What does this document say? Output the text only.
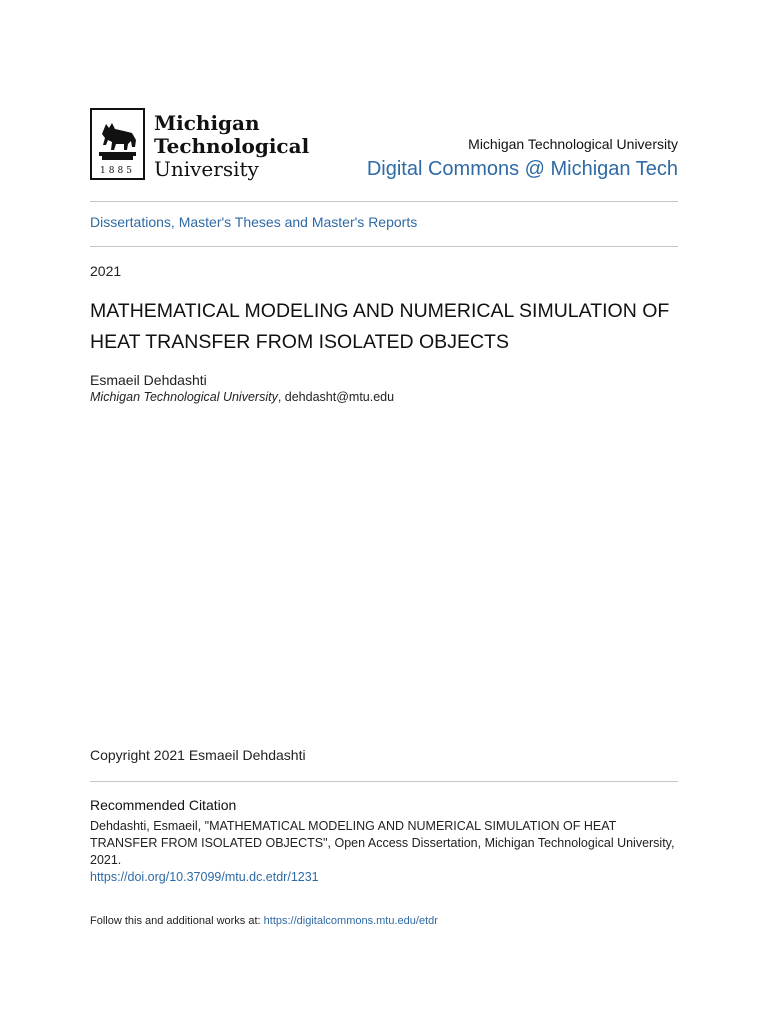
1885
Michigan
Technological
University
Michigan Technological University
Digital Commons @ Michigan Tech
Dissertations, Master's Theses and Master's Reports
2021
MATHEMATICAL MODELING AND NUMERICAL SIMULATION OF HEAT TRANSFER FROM ISOLATED OBJECTS
Esmaeil Dehdashti
Michigan Technological University, dehdasht@mtu.edu
Copyright 2021 Esmaeil Dehdashti
Recommended Citation
Dehdashti, Esmaeil, "MATHEMATICAL MODELING AND NUMERICAL SIMULATION OF HEAT TRANSFER FROM ISOLATED OBJECTS", Open Access Dissertation, Michigan Technological University, 2021.
https://doi.org/10.37099/mtu.dc.etdr/1231
Follow this and additional works at: https://digitalcommons.mtu.edu/etdr
